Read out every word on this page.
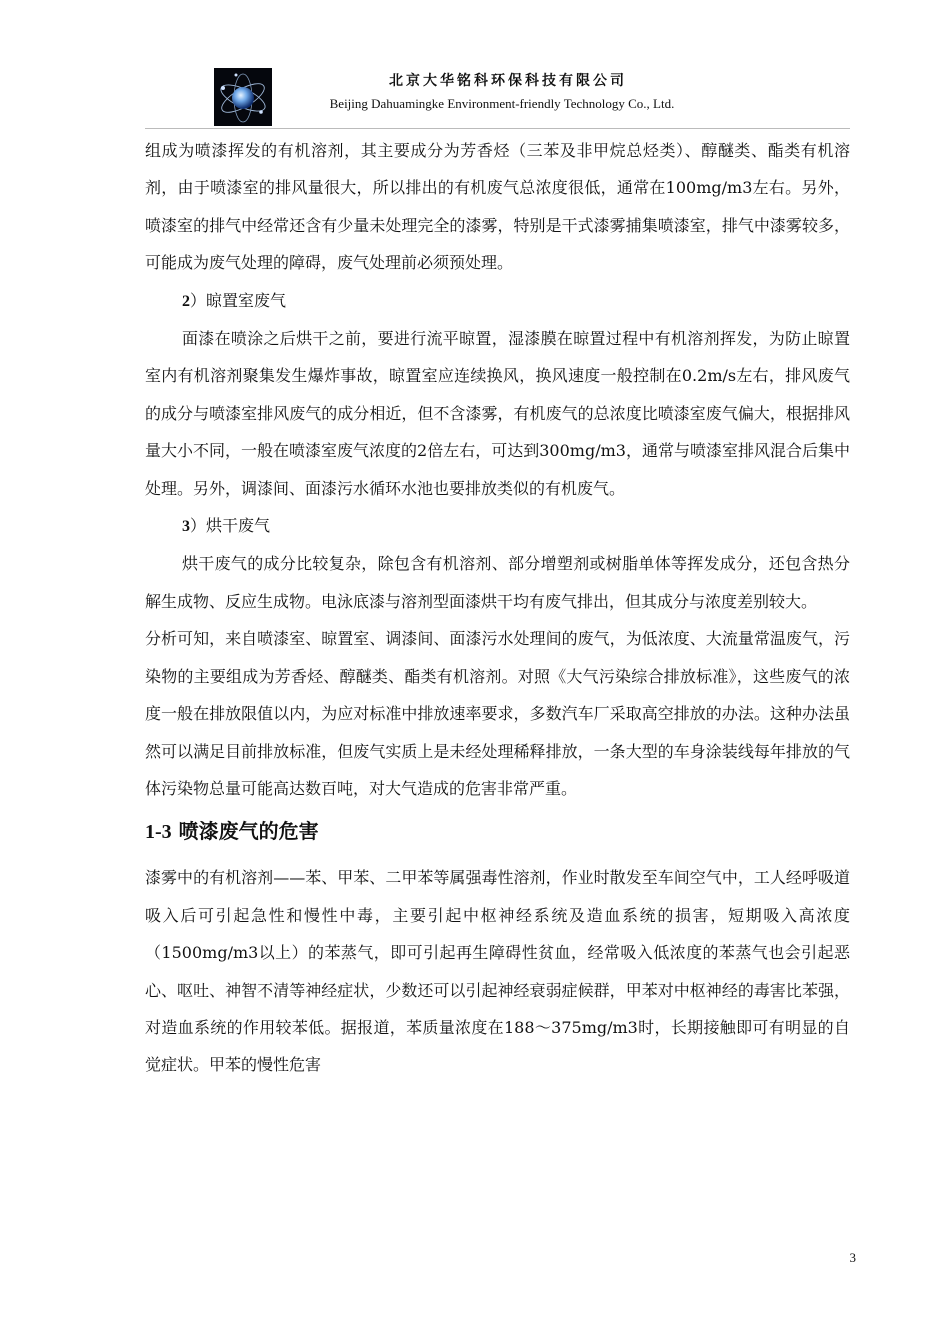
北京大华铭科环保科技有限公司
Beijing Dahuamingke Environment-friendly Technology Co., Ltd.

组成为喷漆挥发的有机溶剂，其主要成分为芳香烃（三苯及非甲烷总烃类）、醇醚类、酯类有机溶剂，由于喷漆室的排风量很大，所以排出的有机废气总浓度很低，通常在100mg/m3左右。另外，喷漆室的排气中经常还含有少量未处理完全的漆雾，特别是干式漆雾捕集喷漆室，排气中漆雾较多，可能成为废气处理的障碍，废气处理前必须预处理。

2）晾置室废气

面漆在喷涂之后烘干之前，要进行流平晾置，湿漆膜在晾置过程中有机溶剂挥发，为防止晾置室内有机溶剂聚集发生爆炸事故，晾置室应连续换风，换风速度一般控制在0.2m/s左右，排风废气的成分与喷漆室排风废气的成分相近，但不含漆雾，有机废气的总浓度比喷漆室废气偏大，根据排风量大小不同，一般在喷漆室废气浓度的2倍左右，可达到300mg/m3，通常与喷漆室排风混合后集中处理。另外，调漆间、面漆污水循环水池也要排放类似的有机废气。

3）烘干废气

烘干废气的成分比较复杂，除包含有机溶剂、部分增塑剂或树脂单体等挥发成分，还包含热分解生成物、反应生成物。电泳底漆与溶剂型面漆烘干均有废气排出，但其成分与浓度差别较大。

分析可知，来自喷漆室、晾置室、调漆间、面漆污水处理间的废气，为低浓度、大流量常温废气，污染物的主要组成为芳香烃、醇醚类、酯类有机溶剂。对照《大气污染综合排放标准》，这些废气的浓度一般在排放限值以内，为应对标准中排放速率要求，多数汽车厂采取高空排放的办法。这种办法虽然可以满足目前排放标准，但废气实质上是未经处理稀释排放，一条大型的车身涂装线每年排放的气体污染物总量可能高达数百吨，对大气造成的危害非常严重。

1-3 喷漆废气的危害

漆雾中的有机溶剂——苯、甲苯、二甲苯等属强毒性溶剂，作业时散发至车间空气中，工人经呼吸道吸入后可引起急性和慢性中毒，主要引起中枢神经系统及造血系统的损害，短期吸入高浓度（1500mg/m3以上）的苯蒸气，即可引起再生障碍性贫血，经常吸入低浓度的苯蒸气也会引起恶心、呕吐、神智不清等神经症状，少数还可以引起神经衰弱症候群，甲苯对中枢神经的毒害比苯强，对造血系统的作用较苯低。据报道，苯质量浓度在188～375mg/m3时，长期接触即可有明显的自觉症状。甲苯的慢性危害

3
